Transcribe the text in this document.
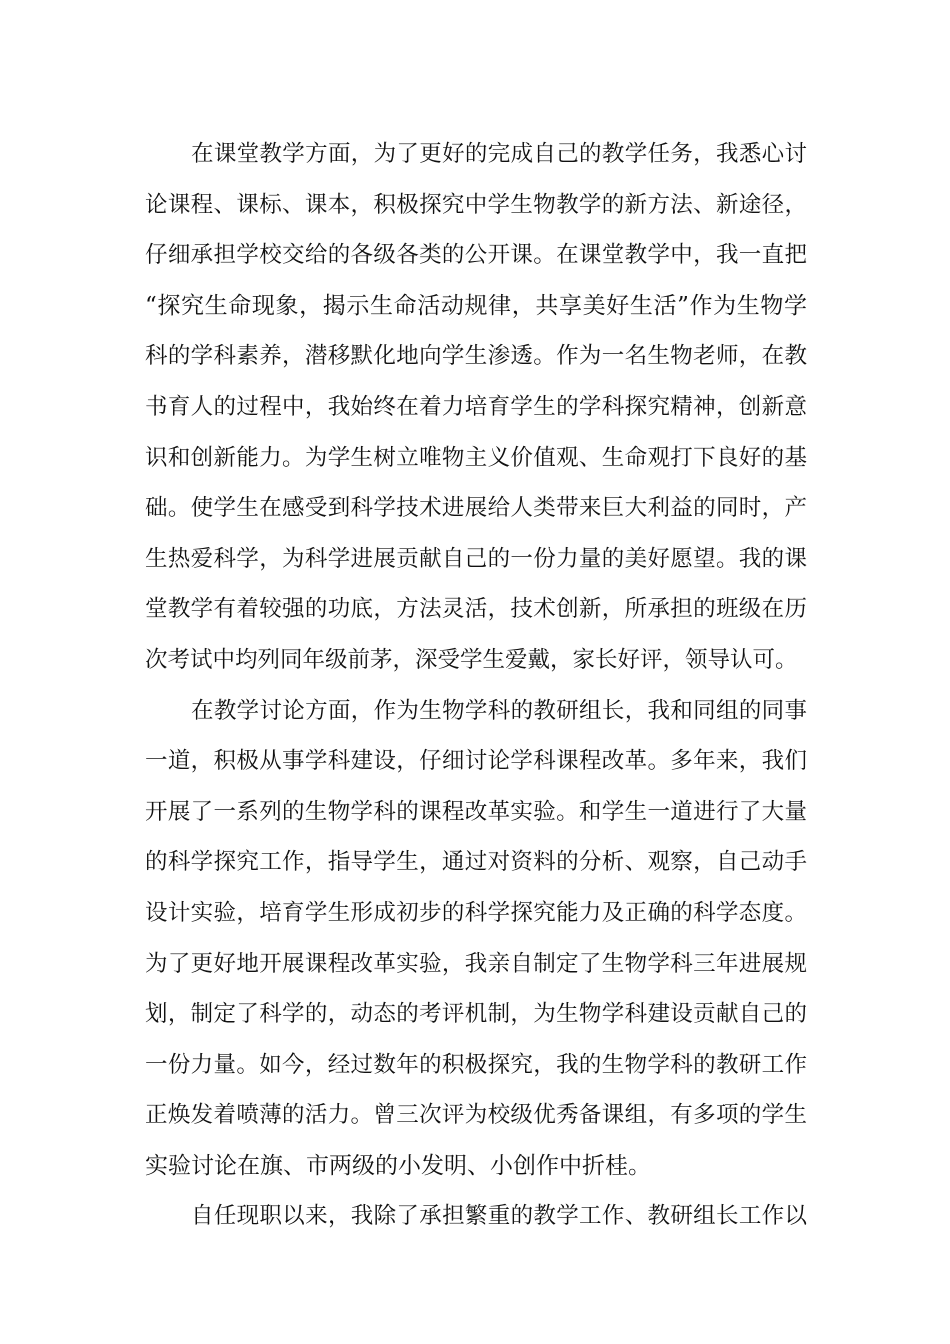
在课堂教学方面，为了更好的完成自己的教学任务，我悉心讨
论课程、课标、课本，积极探究中学生物教学的新方法、新途径，
仔细承担学校交给的各级各类的公开课。在课堂教学中，我一直把
“探究生命现象，揭示生命活动规律，共享美好生活”作为生物学
科的学科素养，潜移默化地向学生渗透。作为一名生物老师，在教
书育人的过程中，我始终在着力培育学生的学科探究精神，创新意
识和创新能力。为学生树立唯物主义价值观、生命观打下良好的基
础。使学生在感受到科学技术进展给人类带来巨大利益的同时，产
生热爱科学，为科学进展贡献自己的一份力量的美好愿望。我的课
堂教学有着较强的功底，方法灵活，技术创新，所承担的班级在历
次考试中均列同年级前茅，深受学生爱戴，家长好评，领导认可。
在教学讨论方面，作为生物学科的教研组长，我和同组的同事
一道，积极从事学科建设，仔细讨论学科课程改革。多年来，我们
开展了一系列的生物学科的课程改革实验。和学生一道进行了大量
的科学探究工作，指导学生，通过对资料的分析、观察，自己动手
设计实验，培育学生形成初步的科学探究能力及正确的科学态度。
为了更好地开展课程改革实验，我亲自制定了生物学科三年进展规
划，制定了科学的，动态的考评机制，为生物学科建设贡献自己的
一份力量。如今，经过数年的积极探究，我的生物学科的教研工作
正焕发着喷薄的活力。曾三次评为校级优秀备课组，有多项的学生
实验讨论在旗、市两级的小发明、小创作中折桂。
自任现职以来，我除了承担繁重的教学工作、教研组长工作以
